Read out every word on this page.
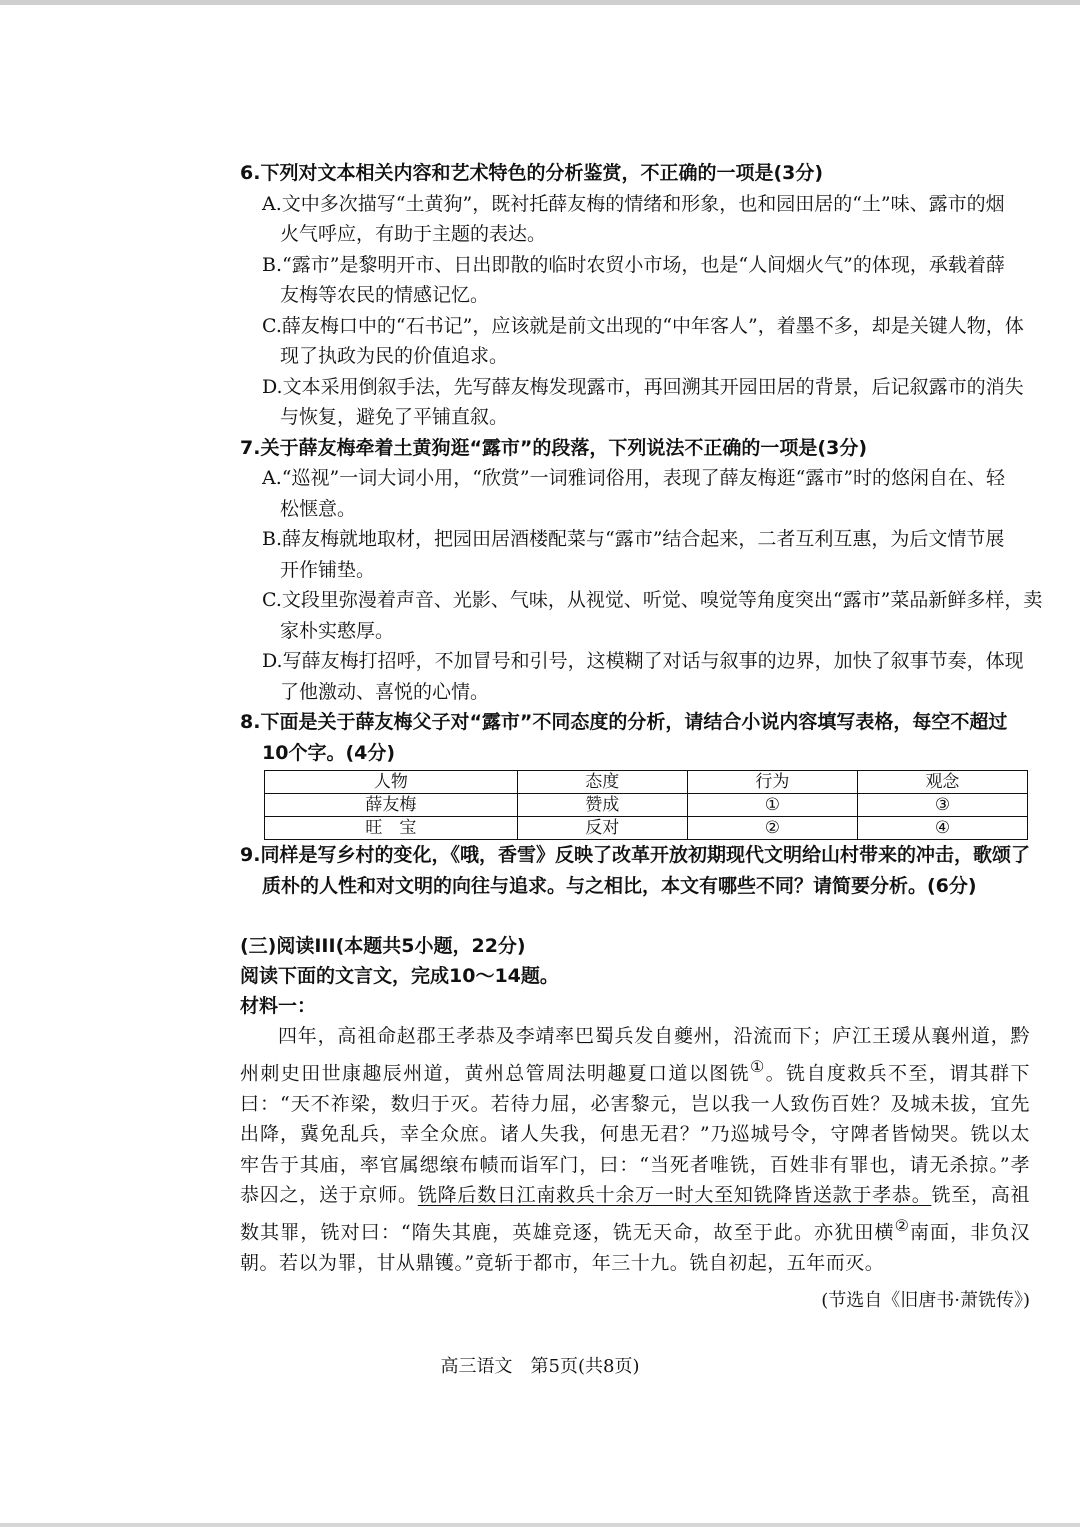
6.下列对文本相关内容和艺术特色的分析鉴赏，不正确的一项是(3分)
A.文中多次描写“土黄狗”，既衬托薛友梅的情绪和形象，也和园田居的“土”味、露市的烟
火气呼应，有助于主题的表达。
B.“露市”是黎明开市、日出即散的临时农贸小市场，也是“人间烟火气”的体现，承载着薛
友梅等农民的情感记忆。
C.薛友梅口中的“石书记”，应该就是前文出现的“中年客人”，着墨不多，却是关键人物，体
现了执政为民的价值追求。
D.文本采用倒叙手法，先写薛友梅发现露市，再回溯其开园田居的背景，后记叙露市的消失
与恢复，避免了平铺直叙。
7.关于薛友梅牵着土黄狗逛“露市”的段落，下列说法不正确的一项是(3分)
A.“巡视”一词大词小用，“欣赏”一词雅词俗用，表现了薛友梅逛“露市”时的悠闲自在、轻
松惬意。
B.薛友梅就地取材，把园田居酒楼配菜与“露市”结合起来，二者互利互惠，为后文情节展
开作铺垫。
C.文段里弥漫着声音、光影、气味，从视觉、听觉、嗅觉等角度突出“露市”菜品新鲜多样，卖
家朴实憨厚。
D.写薛友梅打招呼，不加冒号和引号，这模糊了对话与叙事的边界，加快了叙事节奏，体现
了他激动、喜悦的心情。
8.下面是关于薛友梅父子对“露市”不同态度的分析，请结合小说内容填写表格，每空不超过
10个字。(4分)
人物	态度	行为	观念
薛友梅	赞成	①	③
旺　宝	反对	②	④
9.同样是写乡村的变化，《哦，香雪》反映了改革开放初期现代文明给山村带来的冲击，歌颂了
质朴的人性和对文明的向往与追求。与之相比，本文有哪些不同？请简要分析。(6分)
(三)阅读III(本题共5小题，22分)
阅读下面的文言文，完成10～14题。
材料一：

四年，高祖命赵郡王孝恭及李靖率巴蜀兵发自夔州，沿流而下；庐江王瑗从襄州道，黔州刺史田世康趣辰州道，黄州总管周法明趣夏口道以图铣①。铣自度救兵不至，谓其群下曰：“天不祚梁，数归于灭。若待力屈，必害黎元，岂以我一人致伤百姓？及城未拔，宜先出降，冀免乱兵，幸全众庶。诸人失我，何患无君？”乃巡城号令，守陴者皆恸哭。铣以太牢告于其庙，率官属缌缞布帻而诣军门，曰：“当死者唯铣，百姓非有罪也，请无杀掠。”孝恭囚之，送于京师。铣降后数日江南救兵十余万一时大至知铣降皆送款于孝恭。铣至，高祖数其罪，铣对曰：“隋失其鹿，英雄竞逐，铣无天命，故至于此。亦犹田横②南面，非负汉朝。若以为罪，甘从鼎镬。”竟斩于都市，年三十九。铣自初起，五年而灭。

(节选自《旧唐书·萧铣传》)
高三语文　第5页(共8页)
